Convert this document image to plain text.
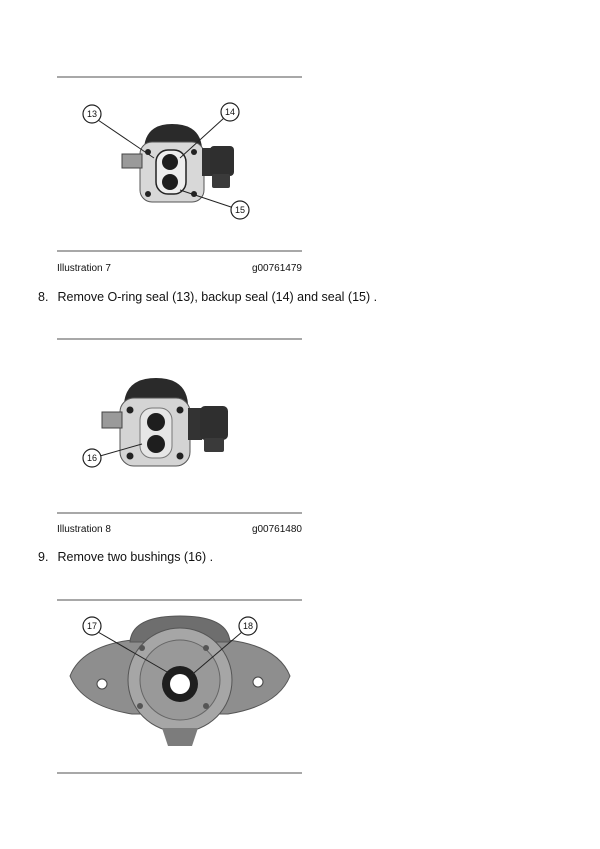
13	14
15
Illustration 7	g00761479
8. Remove O-ring seal (13), backup seal (14) and seal (15) .
16
Illustration 8	g00761480
9. Remove two bushings (16) .
17	18
